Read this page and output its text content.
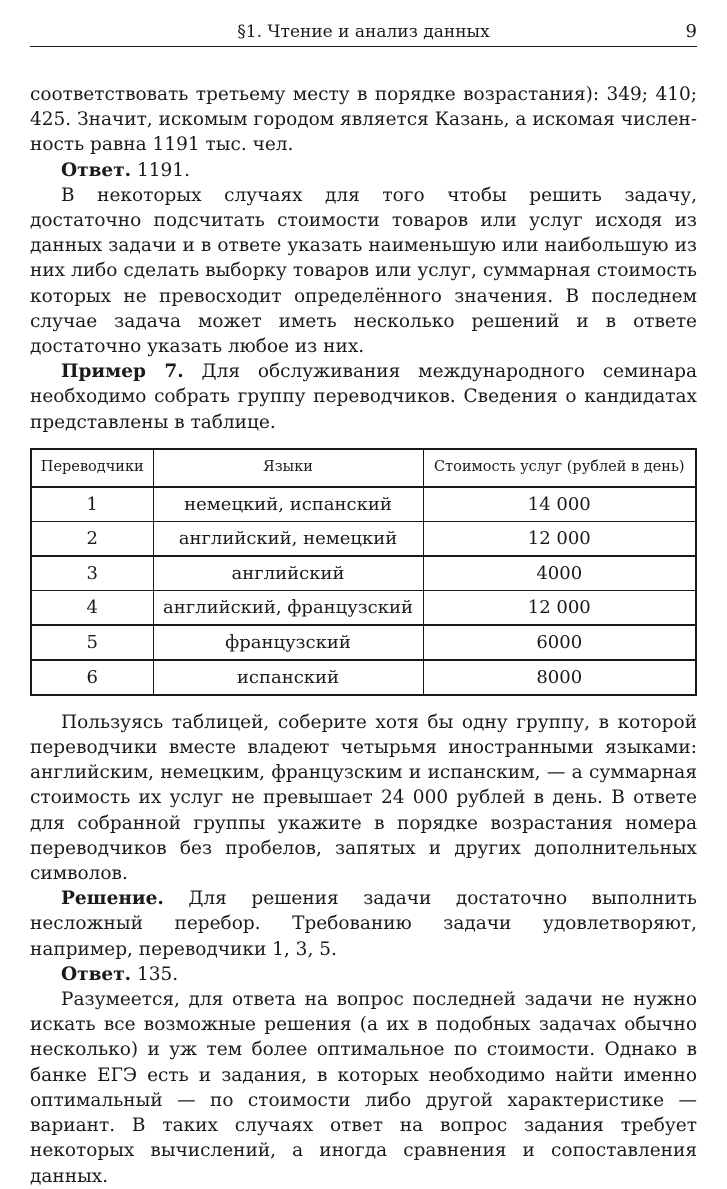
§1. Чтение и анализ данных	9

соответствовать третьему месту в порядке возрастания): 349; 410; 425. Значит, искомым городом является Казань, а искомая численность равна 1191 тыс. чел.

Ответ. 1191.

В некоторых случаях для того чтобы решить задачу, достаточно подсчитать стоимости товаров или услуг исходя из данных задачи и в ответе указать наименьшую или наибольшую из них либо сделать выборку товаров или услуг, суммарная стоимость которых не превосходит определённого значения. В последнем случае задача может иметь несколько решений и в ответе достаточно указать любое из них.

Пример 7. Для обслуживания международного семинара необходимо собрать группу переводчиков. Сведения о кандидатах представлены в таблице.

Переводчики	Языки	Стоимость услуг (рублей в день)
1	немецкий, испанский	14 000
2	английский, немецкий	12 000
3	английский	4000
4	английский, французский	12 000
5	французский	6000
6	испанский	8000

Пользуясь таблицей, соберите хотя бы одну группу, в которой переводчики вместе владеют четырьмя иностранными языками: английским, немецким, французским и испанским, — а суммарная стоимость их услуг не превышает 24 000 рублей в день. В ответе для собранной группы укажите в порядке возрастания номера переводчиков без пробелов, запятых и других дополнительных символов.

Решение. Для решения задачи достаточно выполнить несложный перебор. Требованию задачи удовлетворяют, например, переводчики 1, 3, 5.

Ответ. 135.

Разумеется, для ответа на вопрос последней задачи не нужно искать все возможные решения (а их в подобных задачах обычно несколько) и уж тем более оптимальное по стоимости. Однако в банке ЕГЭ есть и задания, в которых необходимо найти именно оптимальный — по стоимости либо другой характеристике — вариант. В таких случаях ответ на вопрос задания требует некоторых вычислений, а иногда сравнения и сопоставления данных.
